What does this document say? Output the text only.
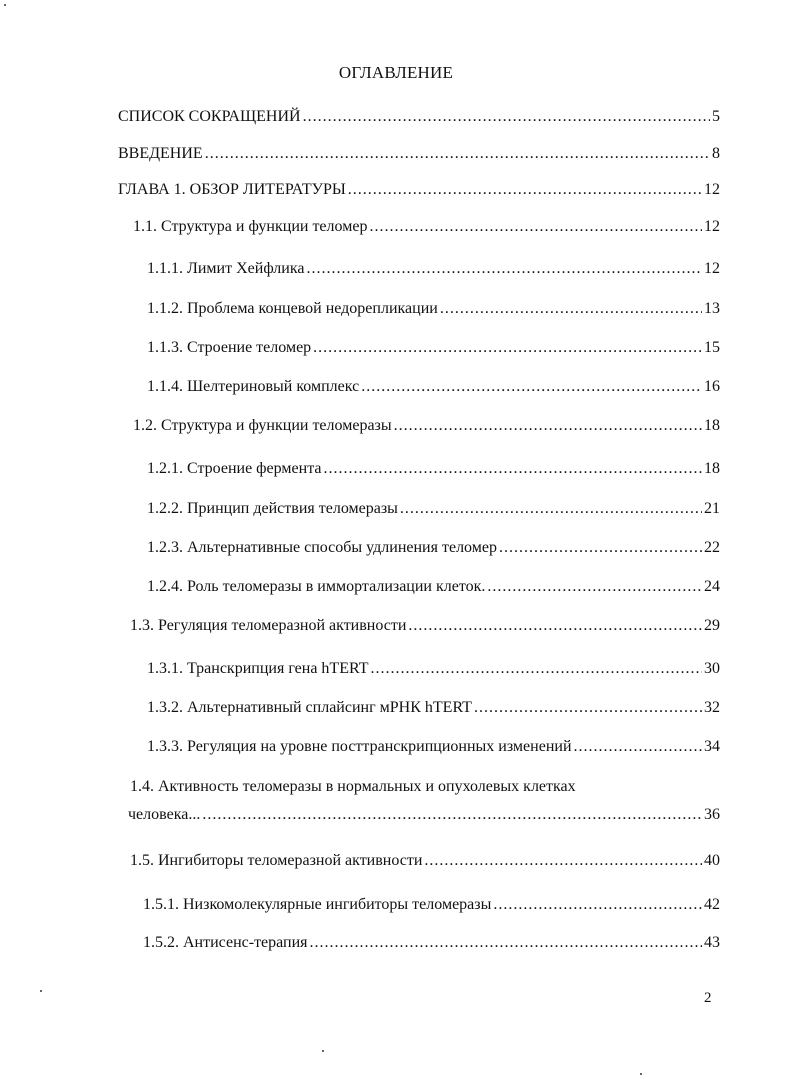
ОГЛАВЛЕНИЕ
СПИСОК СОКРАЩЕНИЙ .....	5
ВВЕДЕНИЕ .....	8
ГЛАВА 1. ОБЗОР ЛИТЕРАТУРЫ .....	12
1.1. Структура и функции теломер .....	12
1.1.1. Лимит Хейфлика .....	12
1.1.2. Проблема концевой недорепликации .....	13
1.1.3. Строение теломер .....	15
1.1.4. Шелтериновый комплекс .....	16
1.2. Структура и функции теломеразы .....	18
1.2.1. Строение фермента .....	18
1.2.2. Принцип действия теломеразы .....	21
1.2.3. Альтернативные способы удлинения теломер .....	22
1.2.4. Роль теломеразы в иммортализации клеток. .....	24
1.3. Регуляция теломеразной активности .....	29
1.3.1. Транскрипция гена hTERT .....	30
1.3.2. Альтернативный сплайсинг мРНК hTERT .....	32
1.3.3. Регуляция на уровне посттранскрипционных изменений .....	34
1.4. Активность теломеразы в нормальных и опухолевых клетках
человека... .....	36
1.5. Ингибиторы теломеразной активности .....	40
1.5.1. Низкомолекулярные ингибиторы теломеразы .....	42
1.5.2. Антисенс-терапия .....	43
2
